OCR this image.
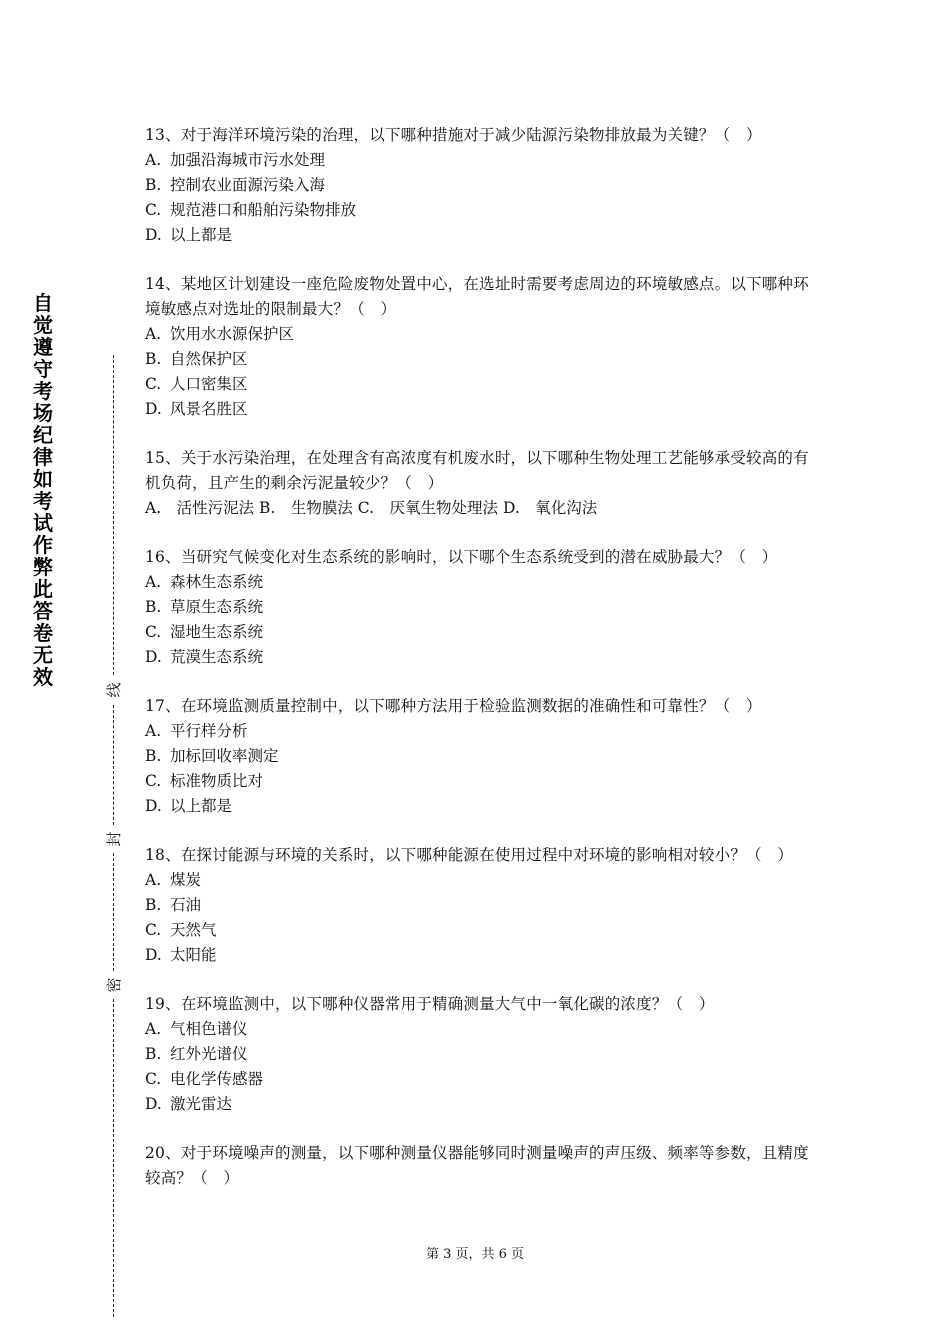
自
觉
遵
守
考
场
纪
律
如
考
试
作
弊
此
答
卷
无
效
线
封
密

13、对于海洋环境污染的治理，以下哪种措施对于减少陆源污染物排放最为关键？（　）

A. 加强沿海城市污水处理
B. 控制农业面源污染入海
C. 规范港口和船舶污染物排放
D. 以上都是

14、某地区计划建设一座危险废物处置中心，在选址时需要考虑周边的环境敏感点。以下哪种环境敏感点对选址的限制最大？（　）

A. 饮用水水源保护区
B. 自然保护区
C. 人口密集区
D. 风景名胜区

15、关于水污染治理，在处理含有高浓度有机废水时，以下哪种生物处理工艺能够承受较高的有机负荷，且产生的剩余污泥量较少？（　）

A.　活性污泥法 B.　生物膜法 C.　厌氧生物处理法 D.　氧化沟法

16、当研究气候变化对生态系统的影响时，以下哪个生态系统受到的潜在威胁最大？（　）

A. 森林生态系统
B. 草原生态系统
C. 湿地生态系统
D. 荒漠生态系统

17、在环境监测质量控制中，以下哪种方法用于检验监测数据的准确性和可靠性？（　）

A. 平行样分析
B. 加标回收率测定
C. 标准物质比对
D. 以上都是

18、在探讨能源与环境的关系时，以下哪种能源在使用过程中对环境的影响相对较小？（　）

A. 煤炭
B. 石油
C. 天然气
D. 太阳能

19、在环境监测中，以下哪种仪器常用于精确测量大气中一氧化碳的浓度？（　）

A. 气相色谱仪
B. 红外光谱仪
C. 电化学传感器
D. 激光雷达

20、对于环境噪声的测量，以下哪种测量仪器能够同时测量噪声的声压级、频率等参数，且精度较高？（　）

第 3 页，共 6 页
